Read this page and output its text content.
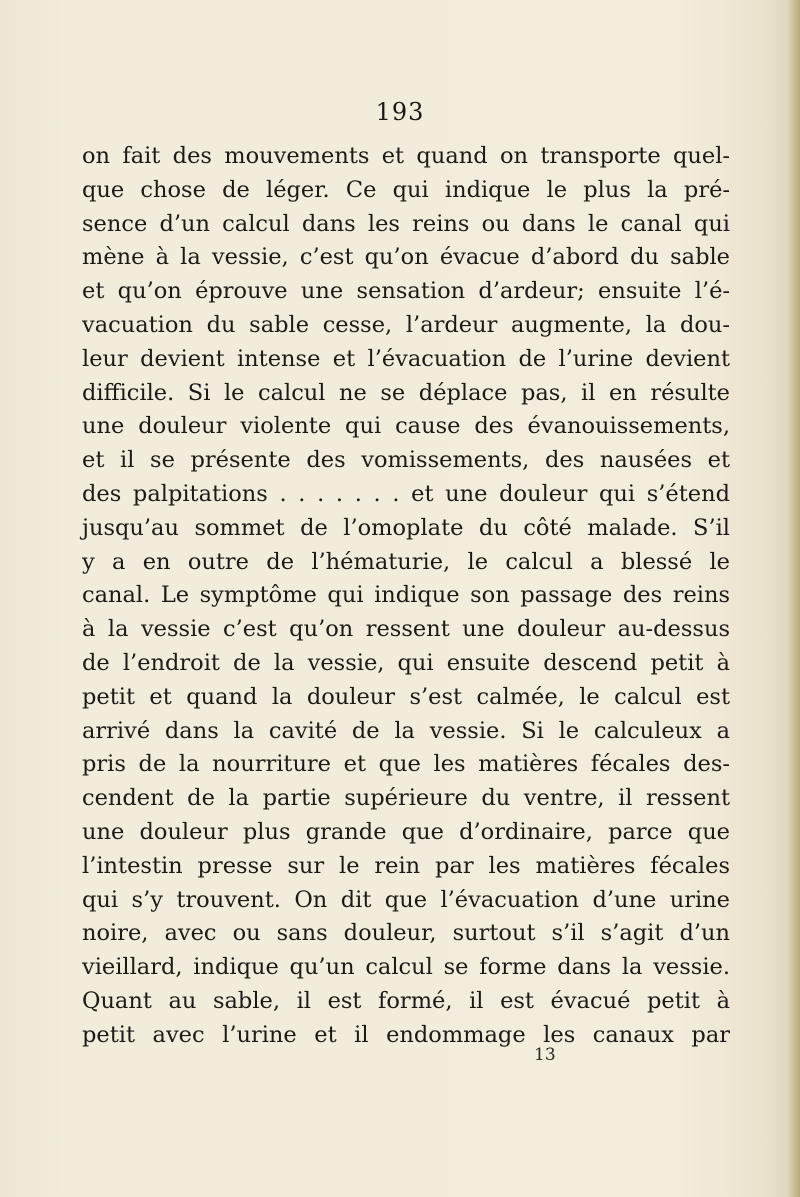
193
on fait des mouvements et quand on transporte quel-
que chose de léger. Ce qui indique le plus la pré-
sence d’un calcul dans les reins ou dans le canal qui
mène à la vessie, c’est qu’on évacue d’abord du sable
et qu’on éprouve une sensation d’ardeur; ensuite l’é-
vacuation du sable cesse, l’ardeur augmente, la dou-
leur devient intense et l’évacuation de l’urine devient
difficile. Si le calcul ne se déplace pas, il en résulte
une douleur violente qui cause des évanouissements,
et il se présente des vomissements, des nausées et
des palpitations . . . . . . . et une douleur qui s’étend
jusqu’au sommet de l’omoplate du côté malade. S’il
y a en outre de l’hématurie, le calcul a blessé le
canal. Le symptôme qui indique son passage des reins
à la vessie c’est qu’on ressent une douleur au-dessus
de l’endroit de la vessie, qui ensuite descend petit à
petit et quand la douleur s’est calmée, le calcul est
arrivé dans la cavité de la vessie. Si le calculeux a
pris de la nourriture et que les matières fécales des-
cendent de la partie supérieure du ventre, il ressent
une douleur plus grande que d’ordinaire, parce que
l’intestin presse sur le rein par les matières fécales
qui s’y trouvent. On dit que l’évacuation d’une urine
noire, avec ou sans douleur, surtout s’il s’agit d’un
vieillard, indique qu’un calcul se forme dans la vessie.
Quant au sable, il est formé, il est évacué petit à
petit avec l’urine et il endommage les canaux par
13
